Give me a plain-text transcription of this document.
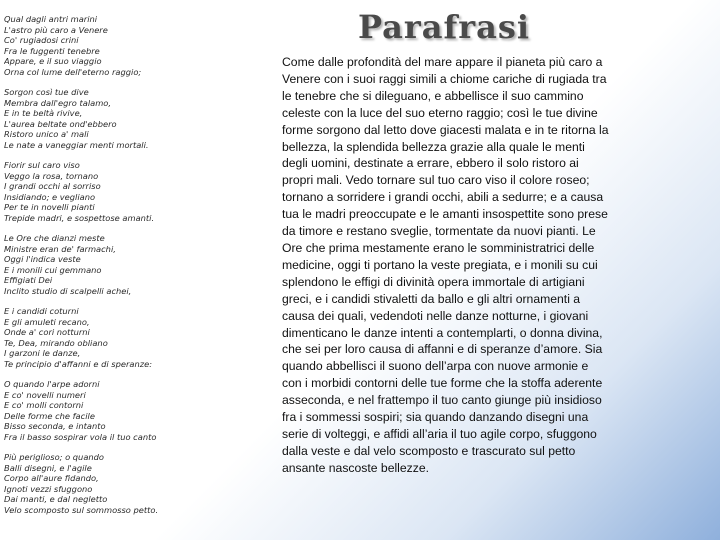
Qual dagli antri marini
L'astro più caro a Venere
Co' rugiadosi crini
Fra le fuggenti tenebre
Appare, e il suo viaggio
Orna col lume dell'eterno raggio;
Sorgon così tue dive
Membra dall'egro talamo,
E in te beltà rivive,
L'aurea beltate ond'ebbero
Ristoro unico a' mali
Le nate a vaneggiar menti mortali.
Fiorir sul caro viso
Veggo la rosa, tornano
I grandi occhi al sorriso
Insidiando; e vegliano
Per te in novelli pianti
Trepide madri, e sospettose amanti.
Le Ore che dianzi meste
Ministre eran de' farmachi,
Oggi l'indica veste
E i monili cui gemmano
Effigiati Dei
Inclito studio di scalpelli achei,
E i candidi coturni
E gli amuleti recano,
Onde a' cori notturni
Te, Dea, mirando obliano
I garzoni le danze,
Te principio d'affanni e di speranze:
O quando l'arpe adorni
E co' novelli numeri
E co' molli contorni
Delle forme che facile
Bisso seconda, e intanto
Fra il basso sospirar vola il tuo canto
Più periglioso; o quando
Balli disegni, e l'agile
Corpo all'aure fidando,
Ignoti vezzi sfuggono
Dai manti, e dal negletto
Velo scomposto sul sommosso petto.
Parafrasi
Come dalle profondità del mare appare il pianeta più caro a Venere con i suoi raggi simili a chiome cariche di rugiada tra le tenebre che si dileguano, e abbellisce il suo cammino celeste con la luce del suo eterno raggio; così le tue divine forme sorgono dal letto dove giacesti malata e in te ritorna la bellezza, la splendida bellezza grazie alla quale le menti degli uomini, destinate a errare, ebbero il solo ristoro ai propri mali. Vedo tornare sul tuo caro viso il colore roseo; tornano a sorridere i grandi occhi, abili a sedurre; e a causa tua le madri preoccupate e le amanti insospettite sono prese da timore e restano sveglie, tormentate da nuovi pianti. Le Ore che prima mestamente erano le somministratrici delle medicine, oggi ti portano la veste pregiata, e i monili su cui splendono le effigi di divinità opera immortale di artigiani greci, e i candidi stivaletti da ballo e gli altri ornamenti a causa dei quali, vedendoti nelle danze notturne, i giovani dimenticano le danze intenti a contemplarti, o donna divina, che sei per loro causa di affanni e di speranze d’amore. Sia quando abbellisci il suono dell’arpa con nuove armonie e con i morbidi contorni delle tue forme che la stoffa aderente asseconda, e nel frattempo il tuo canto giunge più insidioso fra i sommessi sospiri; sia quando danzando disegni una serie di volteggi, e affidi all’aria il tuo agile corpo, sfuggono dalla veste e dal velo scomposto e trascurato sul petto ansante nascoste bellezze.
